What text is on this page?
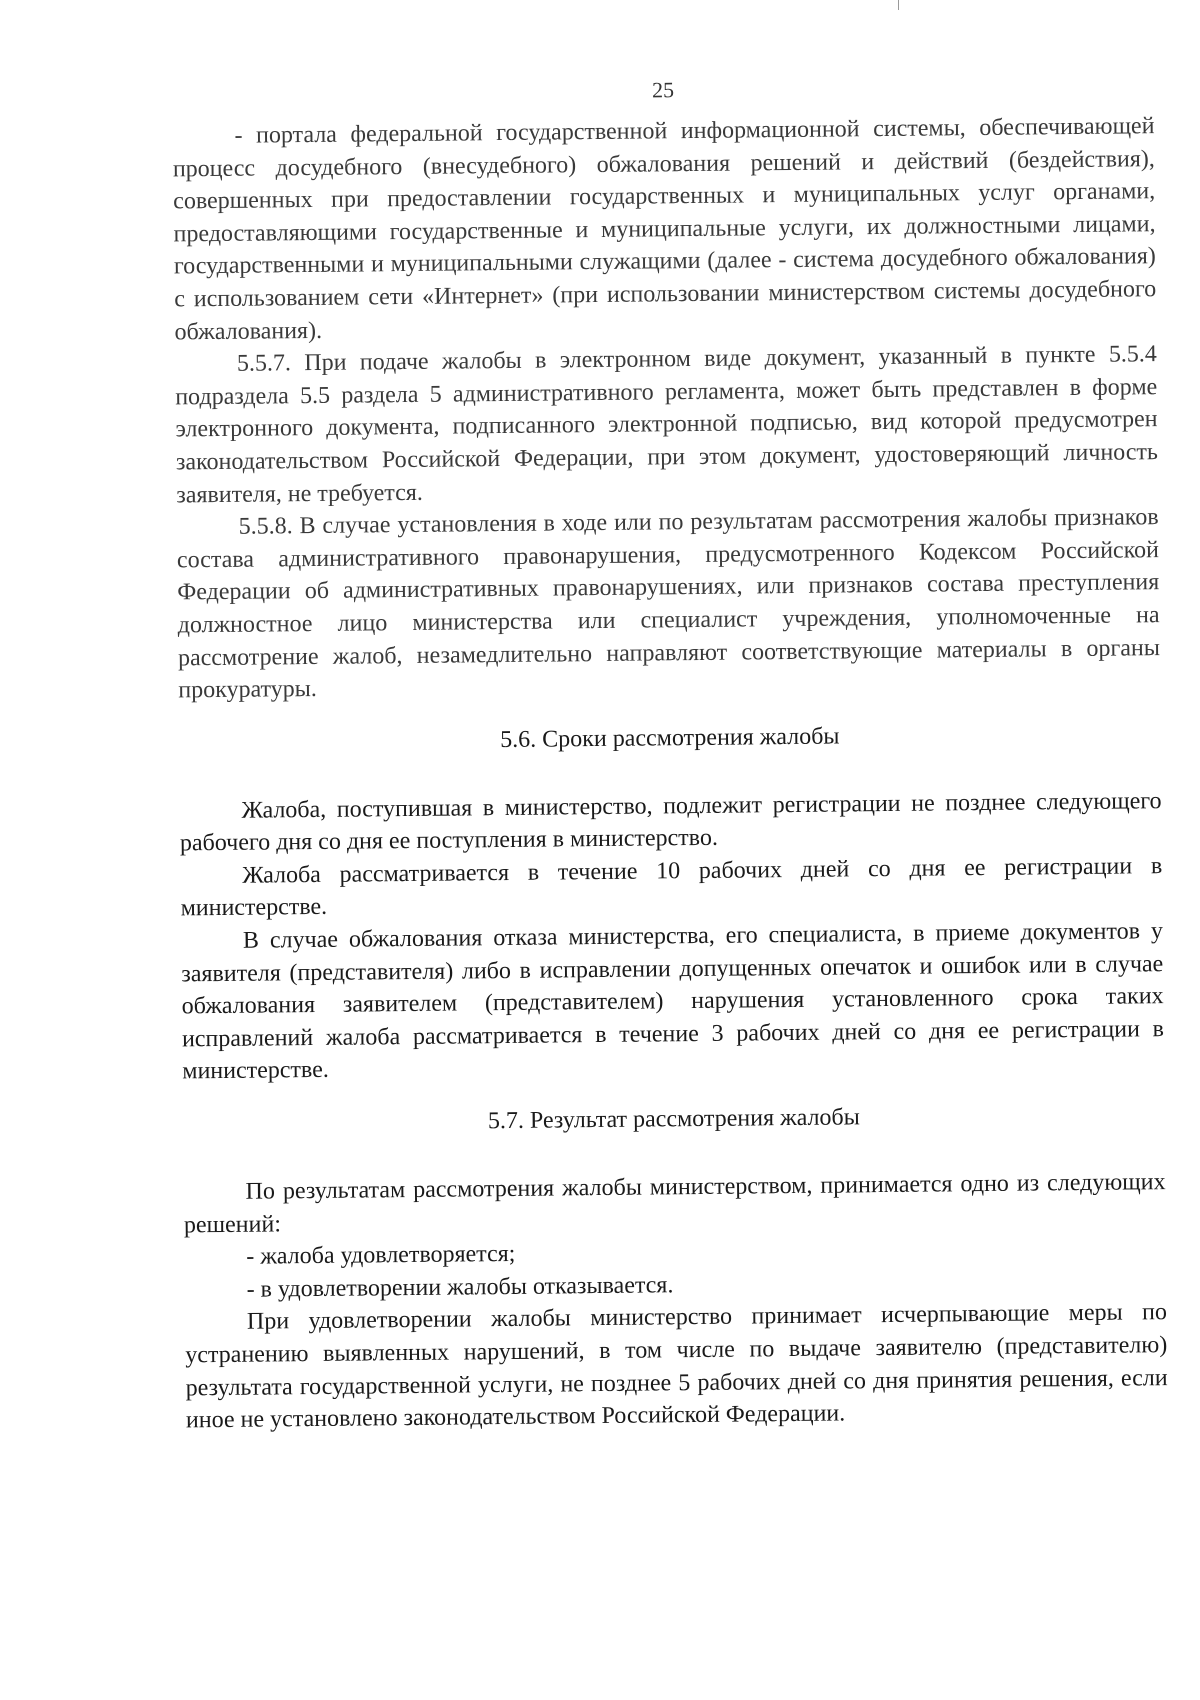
25

- портала федеральной государственной информационной системы, обеспечивающей процесс досудебного (внесудебного) обжалования решений и действий (бездействия), совершенных при предоставлении государственных и муниципальных услуг органами, предоставляющими государственные и муниципальные услуги, их должностными лицами, государственными и муниципальными служащими (далее - система досудебного обжалования) с использованием сети «Интернет» (при использовании министерством системы досудебного обжалования).

5.5.7. При подаче жалобы в электронном виде документ, указанный в пункте 5.5.4 подраздела 5.5 раздела 5 административного регламента, может быть представлен в форме электронного документа, подписанного электронной подписью, вид которой предусмотрен законодательством Российской Федерации, при этом документ, удостоверяющий личность заявителя, не требуется.

5.5.8. В случае установления в ходе или по результатам рассмотрения жалобы признаков состава административного правонарушения, предусмотренного Кодексом Российской Федерации об административных правонарушениях, или признаков состава преступления должностное лицо министерства или специалист учреждения, уполномоченные на рассмотрение жалоб, незамедлительно направляют соответствующие материалы в органы прокуратуры.

5.6. Сроки рассмотрения жалобы

Жалоба, поступившая в министерство, подлежит регистрации не позднее следующего рабочего дня со дня ее поступления в министерство.

Жалоба рассматривается в течение 10 рабочих дней со дня ее регистрации в министерстве.

В случае обжалования отказа министерства, его специалиста, в приеме документов у заявителя (представителя) либо в исправлении допущенных опечаток и ошибок или в случае обжалования заявителем (представителем) нарушения установленного срока таких исправлений жалоба рассматривается в течение 3 рабочих дней со дня ее регистрации в министерстве.

5.7. Результат рассмотрения жалобы

По результатам рассмотрения жалобы министерством, принимается одно из следующих решений:

- жалоба удовлетворяется;

- в удовлетворении жалобы отказывается.

При удовлетворении жалобы министерство принимает исчерпывающие меры по устранению выявленных нарушений, в том числе по выдаче заявителю (представителю) результата государственной услуги, не позднее 5 рабочих дней со дня принятия решения, если иное не установлено законодательством Российской Федерации.
